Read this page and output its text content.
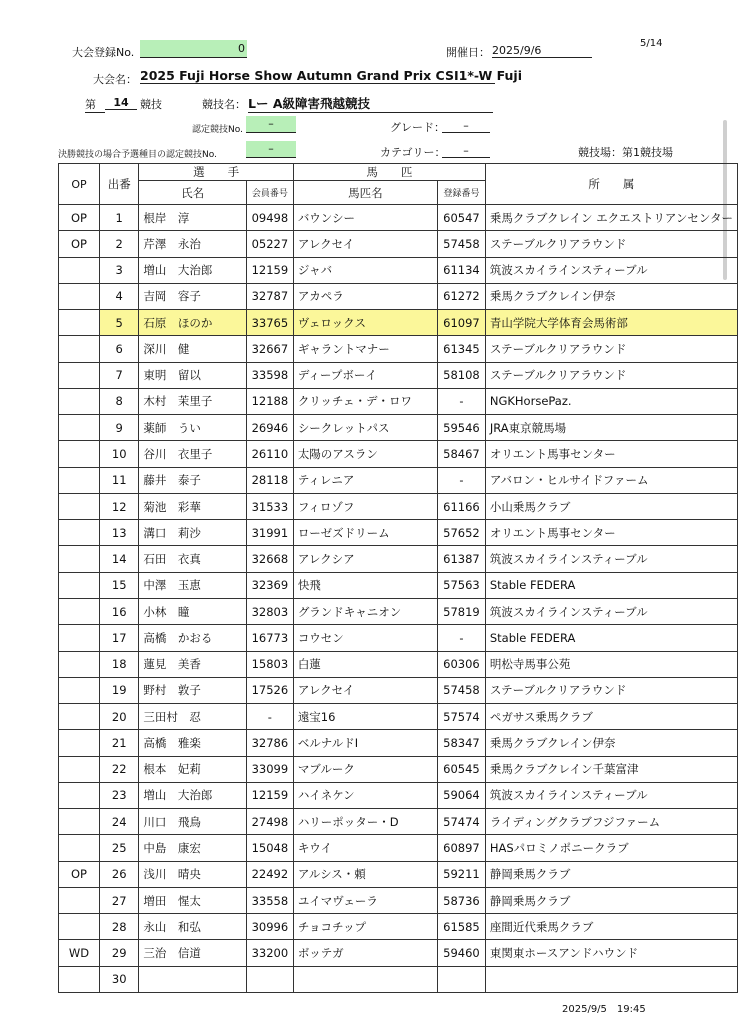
5/14
大会登録No.	0	開催日： 2025/9/6
大会名： 2025 Fuji Horse Show Autumn Grand Prix CSI1*-W Fuji
第	14	競技	競技名： Lー A級障害飛越競技
認定競技No.	–	グレード：	–
決勝競技の場合予選種目の認定競技No.	–	カテゴリー：	–	競技場：第1競技場
OP	出番	選　　手		馬　　匹		所　　属
		氏名	会員番号	馬匹名	登録番号	
OP	1	根岸　淳	09498	バウンシー	60547	乗馬クラブクレイン エクエストリアンセンター
OP	2	芹澤　永治	05227	アレクセイ	57458	ステーブルクリアラウンド
	3	増山　大治郎	12159	ジャバ	61134	筑波スカイラインスティーブル
	4	吉岡　容子	32787	アカペラ	61272	乗馬クラブクレイン伊奈
	5	石原　ほのか	33765	ヴェロックス	61097	青山学院大学体育会馬術部
	6	深川　健	32667	ギャラントマナー	61345	ステーブルクリアラウンド
	7	東明　留以	33598	ディープボーイ	58108	ステーブルクリアラウンド
	8	木村　茉里子	12188	クリッチェ・デ・ロワ	-	NGKHorsePaz.
	9	薬師　うい	26946	シークレットパス	59546	JRA東京競馬場
	10	谷川　衣里子	26110	太陽のアスラン	58467	オリエント馬事センター
	11	藤井　泰子	28118	ティレニア	-	アバロン・ヒルサイドファーム
	12	菊池　彩華	31533	フィロゾフ	61166	小山乗馬クラブ
	13	溝口　莉沙	31991	ローゼズドリーム	57652	オリエント馬事センター
	14	石田　衣真	32668	アレクシア	61387	筑波スカイラインスティーブル
	15	中澤　玉恵	32369	快飛	57563	Stable FEDERA
	16	小林　瞳	32803	グランドキャニオン	57819	筑波スカイラインスティーブル
	17	高橋　かおる	16773	コウセン	-	Stable FEDERA
	18	蓮見　美香	15803	白蓮	60306	明松寺馬事公苑
	19	野村　敦子	17526	アレクセイ	57458	ステーブルクリアラウンド
	20	三田村　忍	-	遠宝16	57574	ペガサス乗馬クラブ
	21	高橋　雅楽	32786	ベルナルドI	58347	乗馬クラブクレイン伊奈
	22	根本　妃莉	33099	マブルーク	60545	乗馬クラブクレイン千葉富津
	23	増山　大治郎	12159	ハイネケン	59064	筑波スカイラインスティーブル
	24	川口　飛鳥	27498	ハリーポッター・D	57474	ライディングクラブフジファーム
	25	中島　康宏	15048	キウイ	60897	HASパロミノポニークラブ
OP	26	浅川　晴央	22492	アルシス・頼	59211	静岡乗馬クラブ
	27	増田　惺太	33558	ユイマヴェーラ	58736	静岡乗馬クラブ
	28	永山　和弘	30996	チョコチップ	61585	座間近代乗馬クラブ
WD	29	三治　信道	33200	ボッテガ	59460	東関東ホースアンドハウンド
	30					
2025/9/5　19:45
